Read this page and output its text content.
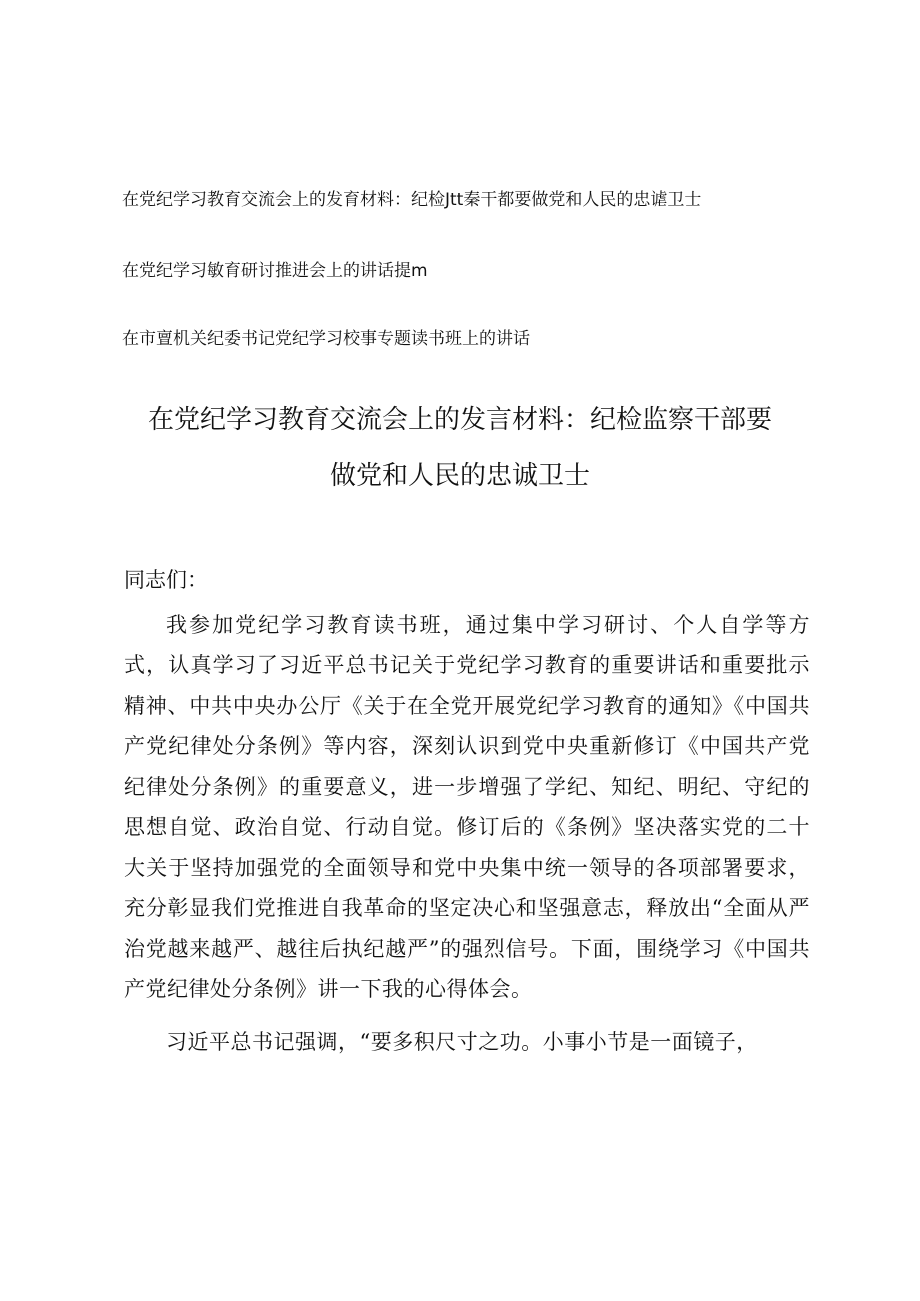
在党纪学习教育交流会上的发育材料：纪检Jtt秦干都要做党和人民的忠谑卫士

在党纪学习敏育研讨推进会上的讲话提m

在市亶机关纪委书记党纪学习校事专题读书班上的讲话

在党纪学习教育交流会上的发言材料：纪检监察干部要
做党和人民的忠诚卫士

同志们：

我参加党纪学习教育读书班，通过集中学习研讨、个人自学等方式，认真学习了习近平总书记关于党纪学习教育的重要讲话和重要批示精神、中共中央办公厅《关于在全党开展党纪学习教育的通知》《中国共产党纪律处分条例》等内容，深刻认识到党中央重新修订《中国共产党纪律处分条例》的重要意义，进一步增强了学纪、知纪、明纪、守纪的思想自觉、政治自觉、行动自觉。修订后的《条例》坚决落实党的二十大关于坚持加强党的全面领导和党中央集中统一领导的各项部署要求，充分彰显我们党推进自我革命的坚定决心和坚强意志，释放出“全面从严治党越来越严、越往后执纪越严”的强烈信号。下面，围绕学习《中国共产党纪律处分条例》讲一下我的心得体会。

习近平总书记强调，“要多积尺寸之功。小事小节是一面镜子，
